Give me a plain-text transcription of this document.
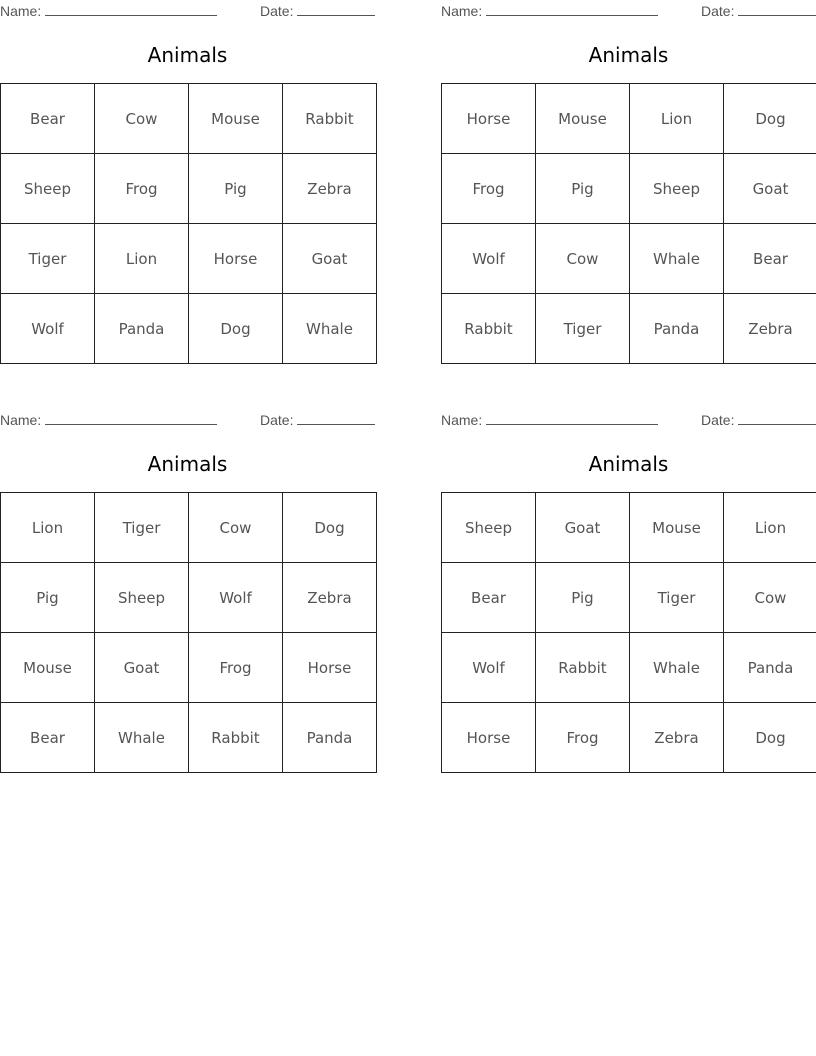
Name:	Date:
Animals
Bear	Cow	Mouse	Rabbit
Sheep	Frog	Pig	Zebra
Tiger	Lion	Horse	Goat
Wolf	Panda	Dog	Whale
Name:	Date:
Animals
Horse	Mouse	Lion	Dog
Frog	Pig	Sheep	Goat
Wolf	Cow	Whale	Bear
Rabbit	Tiger	Panda	Zebra
Name:	Date:
Animals
Lion	Tiger	Cow	Dog
Pig	Sheep	Wolf	Zebra
Mouse	Goat	Frog	Horse
Bear	Whale	Rabbit	Panda
Name:	Date:
Animals
Sheep	Goat	Mouse	Lion
Bear	Pig	Tiger	Cow
Wolf	Rabbit	Whale	Panda
Horse	Frog	Zebra	Dog
